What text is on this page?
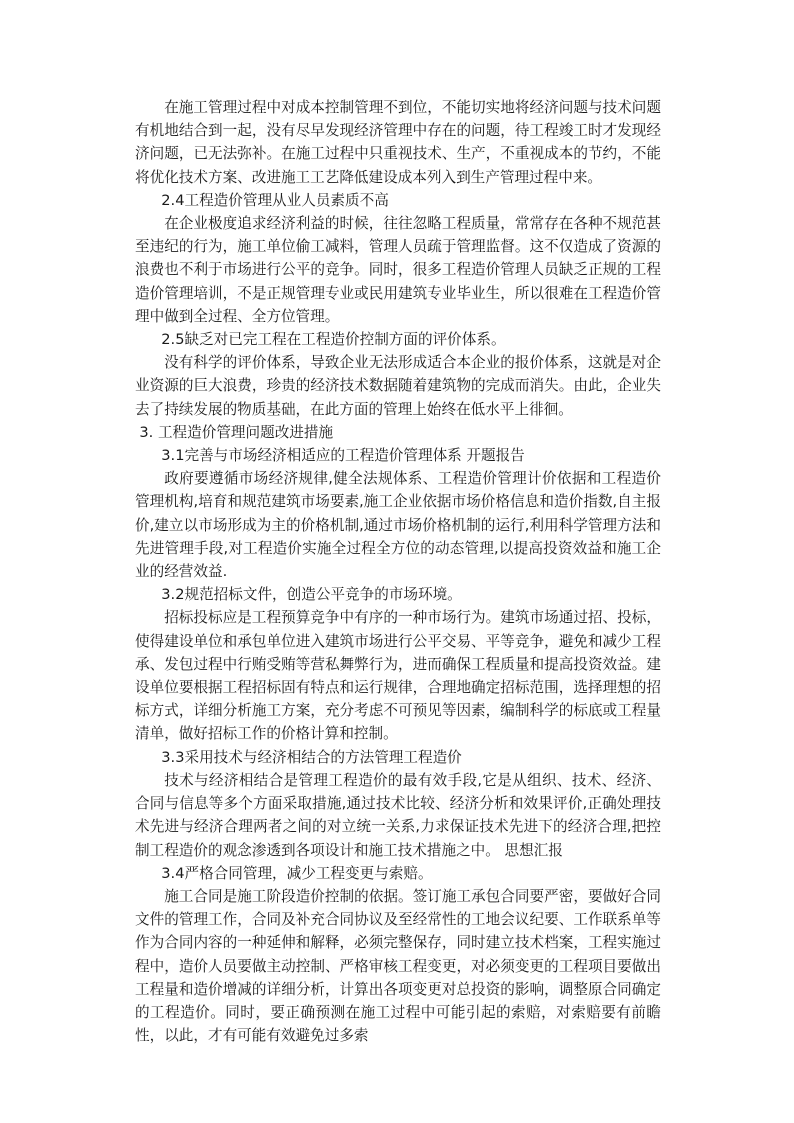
在施工管理过程中对成本控制管理不到位，不能切实地将经济问题与技术问题有机地结合到一起，没有尽早发现经济管理中存在的问题，待工程竣工时才发现经济问题，已无法弥补。在施工过程中只重视技术、生产，不重视成本的节约，不能将优化技术方案、改进施工工艺降低建设成本列入到生产管理过程中来。

2.4工程造价管理从业人员素质不高

在企业极度追求经济利益的时候，往往忽略工程质量，常常存在各种不规范甚至违纪的行为，施工单位偷工减料，管理人员疏于管理监督。这不仅造成了资源的浪费也不利于市场进行公平的竞争。同时，很多工程造价管理人员缺乏正规的工程造价管理培训，不是正规管理专业或民用建筑专业毕业生，所以很难在工程造价管理中做到全过程、全方位管理。

2.5缺乏对已完工程在工程造价控制方面的评价体系。

没有科学的评价体系，导致企业无法形成适合本企业的报价体系，这就是对企业资源的巨大浪费，珍贵的经济技术数据随着建筑物的完成而消失。由此，企业失去了持续发展的物质基础，在此方面的管理上始终在低水平上徘徊。

3. 工程造价管理问题改进措施

3.1完善与市场经济相适应的工程造价管理体系 开题报告

政府要遵循市场经济规律,健全法规体系、工程造价管理计价依据和工程造价管理机构,培育和规范建筑市场要素,施工企业依据市场价格信息和造价指数,自主报价,建立以市场形成为主的价格机制,通过市场价格机制的运行,利用科学管理方法和先进管理手段,对工程造价实施全过程全方位的动态管理,以提高投资效益和施工企业的经营效益.

3.2规范招标文件，创造公平竞争的市场环境。

招标投标应是工程预算竞争中有序的一种市场行为。建筑市场通过招、投标，使得建设单位和承包单位进入建筑市场进行公平交易、平等竞争，避免和减少工程承、发包过程中行贿受贿等营私舞弊行为，进而确保工程质量和提高投资效益。建设单位要根据工程招标固有特点和运行规律，合理地确定招标范围，选择理想的招标方式，详细分析施工方案，充分考虑不可预见等因素，编制科学的标底或工程量清单，做好招标工作的价格计算和控制。

3.3采用技术与经济相结合的方法管理工程造价

技术与经济相结合是管理工程造价的最有效手段,它是从组织、技术、经济、合同与信息等多个方面采取措施,通过技术比较、经济分析和效果评价,正确处理技术先进与经济合理两者之间的对立统一关系,力求保证技术先进下的经济合理,把控制工程造价的观念渗透到各项设计和施工技术措施之中。 思想汇报

3.4严格合同管理，减少工程变更与索赔。

施工合同是施工阶段造价控制的依据。签订施工承包合同要严密，要做好合同文件的管理工作，合同及补充合同协议及至经常性的工地会议纪要、工作联系单等作为合同内容的一种延伸和解释，必须完整保存，同时建立技术档案，工程实施过程中，造价人员要做主动控制、严格审核工程变更，对必须变更的工程项目要做出工程量和造价增减的详细分析，计算出各项变更对总投资的影响，调整原合同确定的工程造价。同时，要正确预测在施工过程中可能引起的索赔，对索赔要有前瞻性，以此，才有可能有效避免过多索
